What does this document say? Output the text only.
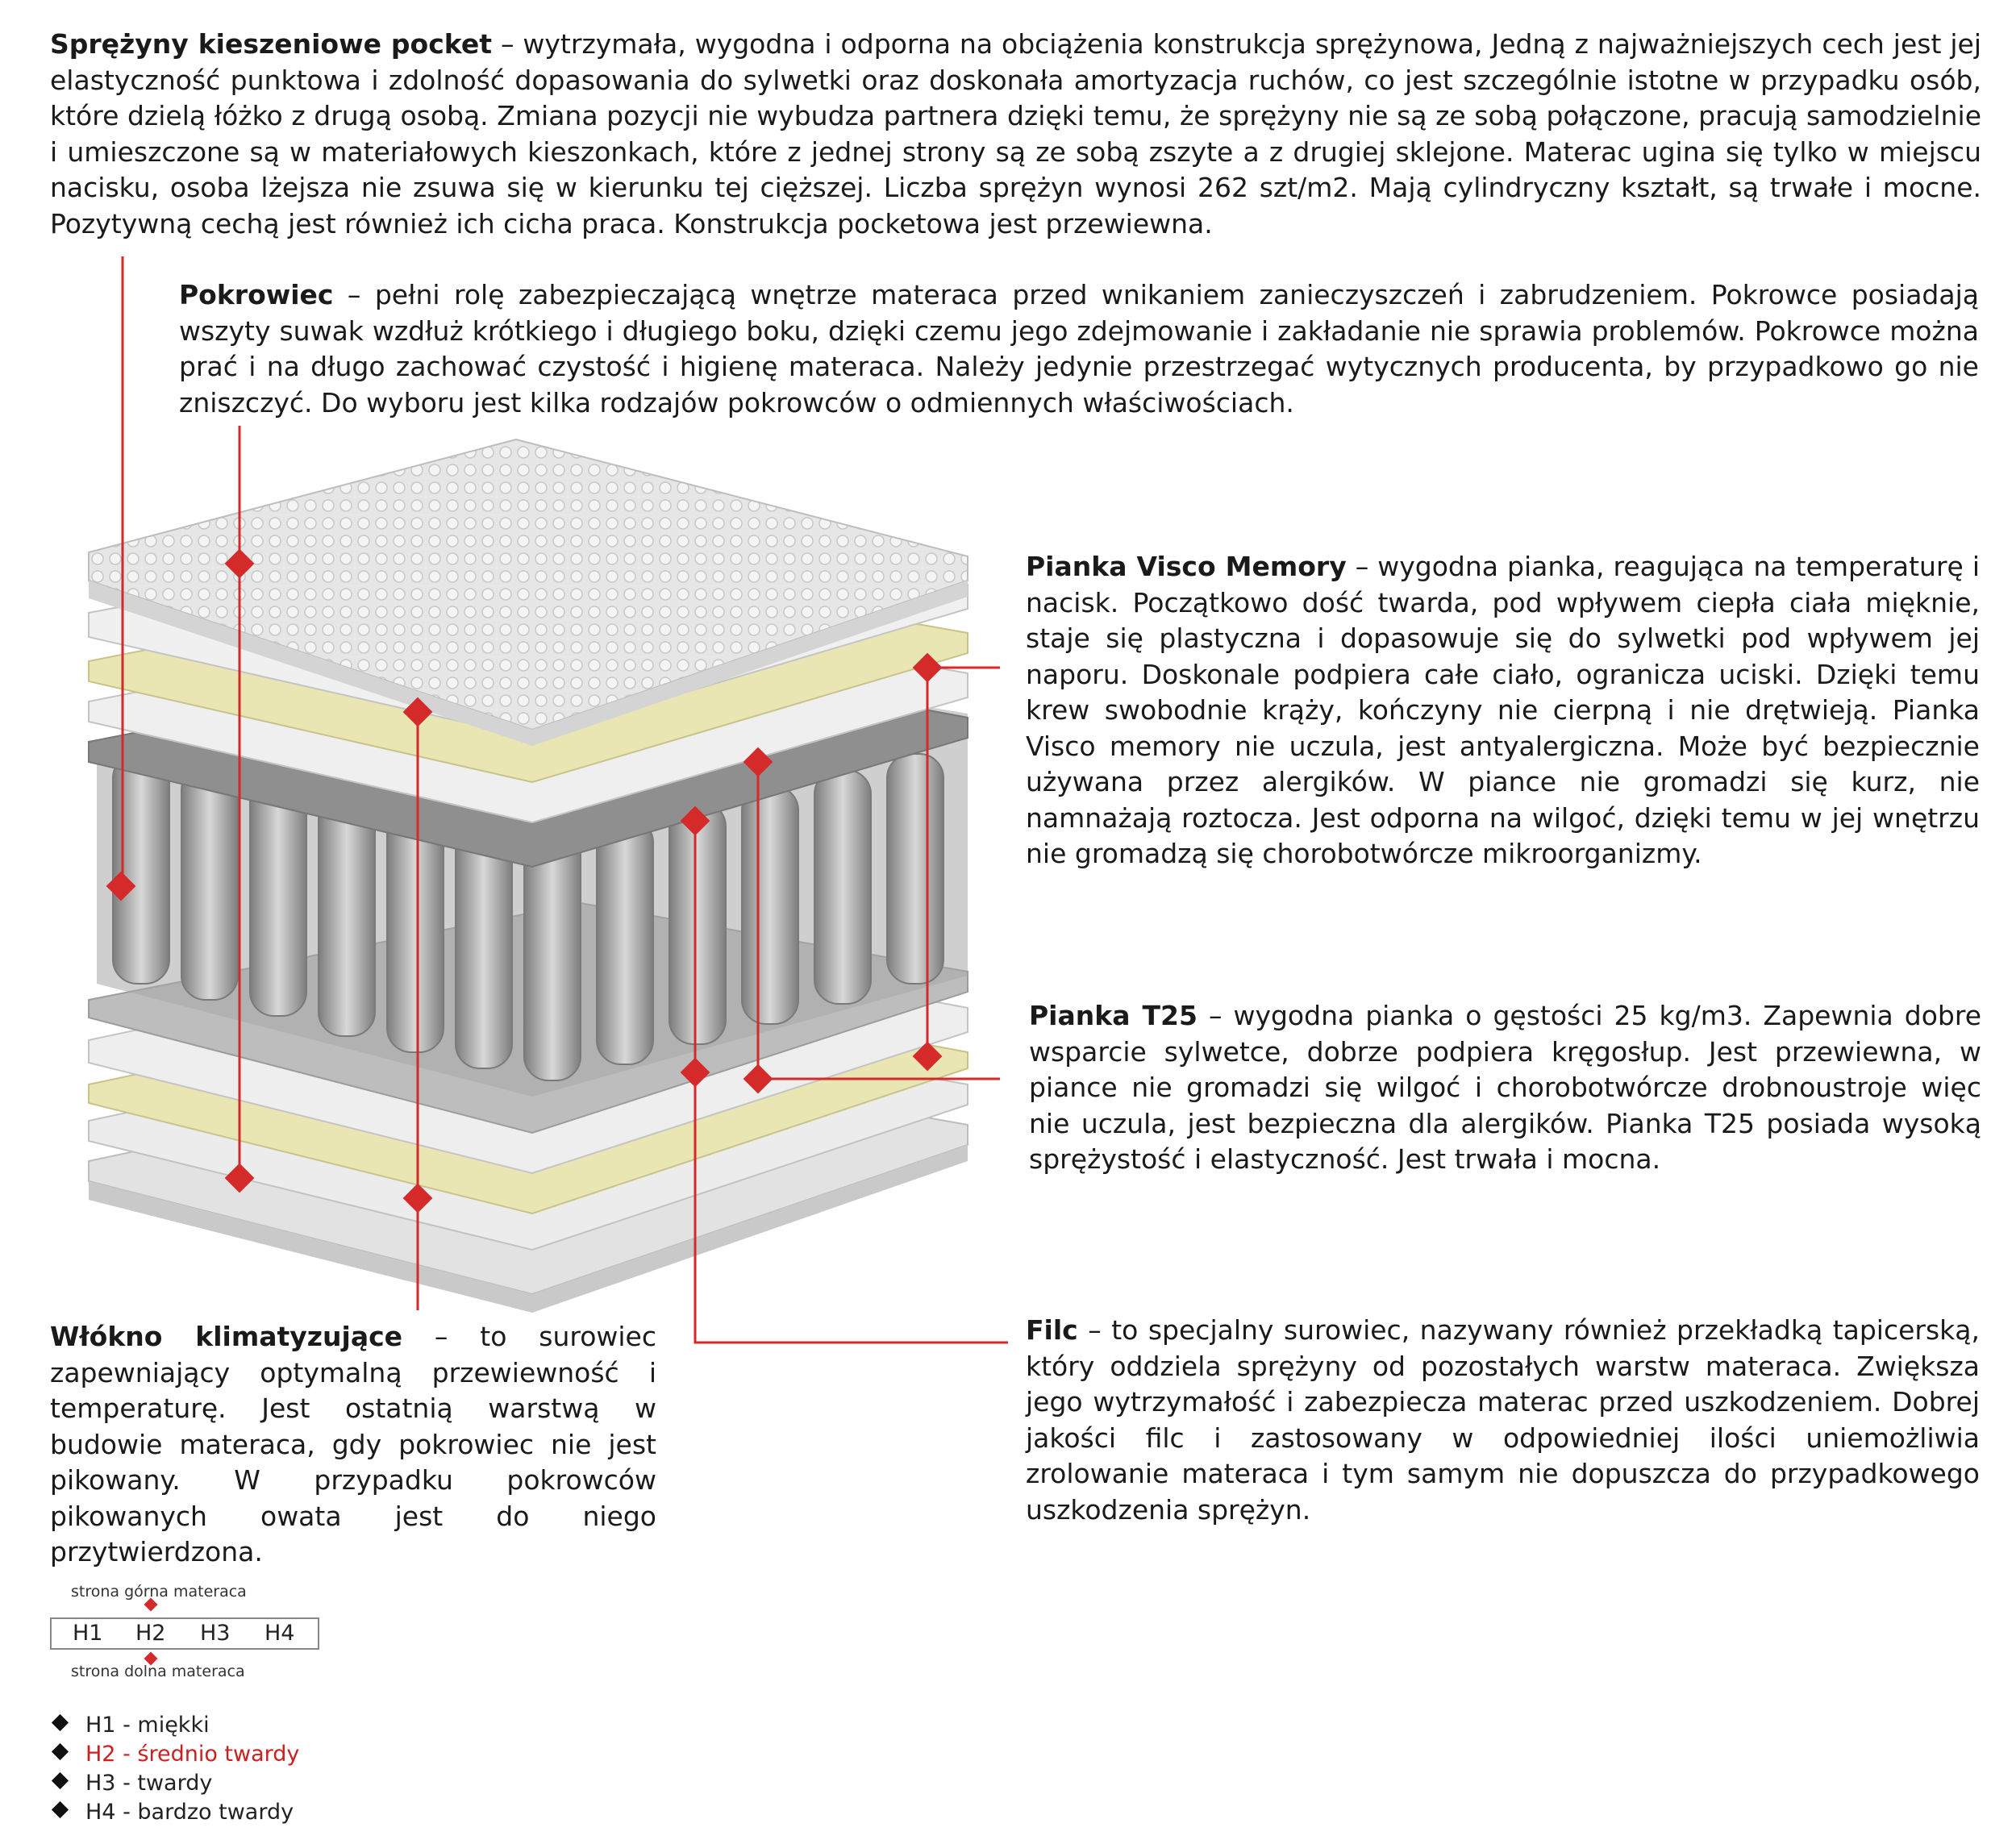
Sprężyny kieszeniowe pocket – wytrzymała, wygodna i odporna na obciążenia konstrukcja sprężynowa, Jedną z najważniejszych cech jest jej elastyczność punktowa i zdolność dopasowania do sylwetki oraz doskonała amortyzacja ruchów, co jest szczególnie istotne w przypadku osób, które dzielą łóżko z drugą osobą. Zmiana pozycji nie wybudza partnera dzięki temu, że sprężyny nie są ze sobą połączone, pracują samodzielnie i umieszczone są w materiałowych kieszonkach, które z jednej strony są ze sobą zszyte a z drugiej sklejone. Materac ugina się tylko w miejscu nacisku, osoba lżejsza nie zsuwa się w kierunku tej cięższej. Liczba sprężyn wynosi 262 szt/m2. Mają cylindryczny kształt, są trwałe i mocne. Pozytywną cechą jest również ich cicha praca. Konstrukcja pocketowa jest przewiewna.
Pokrowiec – pełni rolę zabezpieczającą wnętrze materaca przed wnikaniem zanieczyszczeń i zabrudzeniem. Pokrowce posiadają wszyty suwak wzdłuż krótkiego i długiego boku, dzięki czemu jego zdejmowanie i zakładanie nie sprawia problemów. Pokrowce można prać i na długo zachować czystość i higienę materaca. Należy jedynie przestrzegać wytycznych producenta, by przypadkowo go nie zniszczyć. Do wyboru jest kilka rodzajów pokrowców o odmiennych właściwościach.
Pianka Visco Memory – wygodna pianka, reagująca na temperaturę i nacisk. Początkowo dość twarda, pod wpływem ciepła ciała mięknie, staje się plastyczna i dopasowuje się do sylwetki pod wpływem jej naporu. Doskonale podpiera całe ciało, ogranicza uciski. Dzięki temu krew swobodnie krąży, kończyny nie cierpną i nie drętwieją. Pianka Visco memory nie uczula, jest antyalergiczna. Może być bezpiecznie używana przez alergików. W piance nie gromadzi się kurz, nie namnażają roztocza. Jest odporna na wilgoć, dzięki temu w jej wnętrzu nie gromadzą się chorobotwórcze mikroorganizmy.
Pianka T25 – wygodna pianka o gęstości 25 kg/m3. Zapewnia dobre wsparcie sylwetce, dobrze podpiera kręgosłup. Jest przewiewna, w piance nie gromadzi się wilgoć i chorobotwórcze drobnoustroje więc nie uczula, jest bezpieczna dla alergików. Pianka T25 posiada wysoką sprężystość i elastyczność. Jest trwała i mocna.
Filc – to specjalny surowiec, nazywany również przekładką tapicerską, który oddziela sprężyny od pozostałych warstw materaca. Zwiększa jego wytrzymałość i zabezpiecza materac przed uszkodzeniem. Dobrej jakości filc i zastosowany w odpowiedniej ilości uniemożliwia zrolowanie materaca i tym samym nie dopuszcza do przypadkowego uszkodzenia sprężyn.
Włókno klimatyzujące – to surowiec zapewniający optymalną przewiewność i temperaturę. Jest ostatnią warstwą w budowie materaca, gdy pokrowiec nie jest pikowany. W przypadku pokrowców pikowanych owata jest do niego przytwierdzona.
strona górna materaca
H1 H2 H3 H4
strona dolna materaca
H1 - miękki
H2 - średnio twardy
H3 - twardy
H4 - bardzo twardy
